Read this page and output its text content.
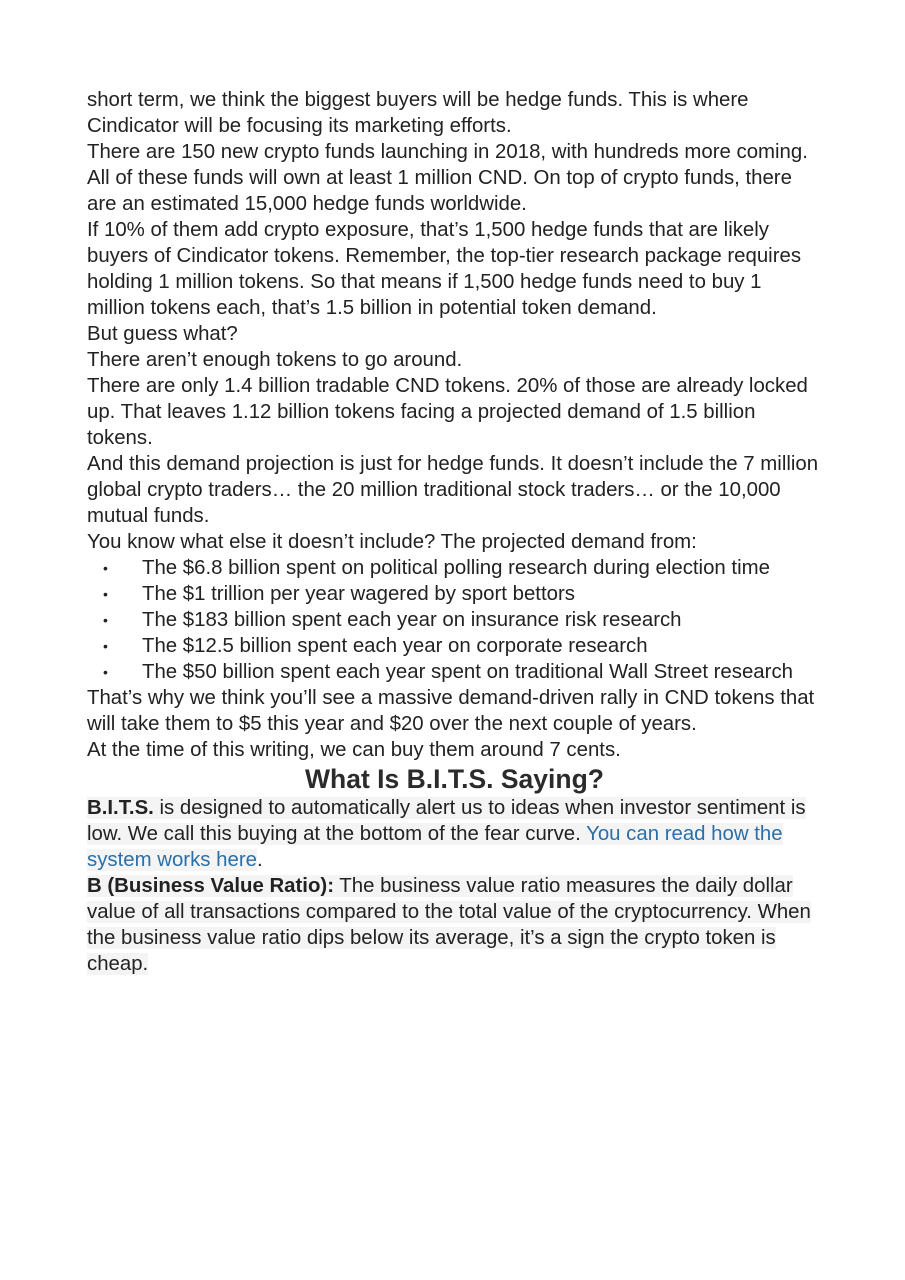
short term, we think the biggest buyers will be hedge funds. This is where Cindicator will be focusing its marketing efforts.

There are 150 new crypto funds launching in 2018, with hundreds more coming. All of these funds will own at least 1 million CND. On top of crypto funds, there are an estimated 15,000 hedge funds worldwide.

If 10% of them add crypto exposure, that’s 1,500 hedge funds that are likely buyers of Cindicator tokens. Remember, the top-tier research package requires holding 1 million tokens. So that means if 1,500 hedge funds need to buy 1 million tokens each, that’s 1.5 billion in potential token demand.

But guess what?

There aren’t enough tokens to go around.

There are only 1.4 billion tradable CND tokens. 20% of those are already locked up. That leaves 1.12 billion tokens facing a projected demand of 1.5 billion tokens.

And this demand projection is just for hedge funds. It doesn’t include the 7 million global crypto traders… the 20 million traditional stock traders… or the 10,000 mutual funds.

You know what else it doesn’t include? The projected demand from:

• The $6.8 billion spent on political polling research during election time
• The $1 trillion per year wagered by sport bettors
• The $183 billion spent each year on insurance risk research
• The $12.5 billion spent each year on corporate research
• The $50 billion spent each year spent on traditional Wall Street research

That’s why we think you’ll see a massive demand-driven rally in CND tokens that will take them to $5 this year and $20 over the next couple of years.

At the time of this writing, we can buy them around 7 cents.

What Is B.I.T.S. Saying?

B.I.T.S. is designed to automatically alert us to ideas when investor sentiment is low. We call this buying at the bottom of the fear curve. You can read how the system works here.

B (Business Value Ratio): The business value ratio measures the daily dollar value of all transactions compared to the total value of the cryptocurrency. When the business value ratio dips below its average, it’s a sign the crypto token is cheap.
